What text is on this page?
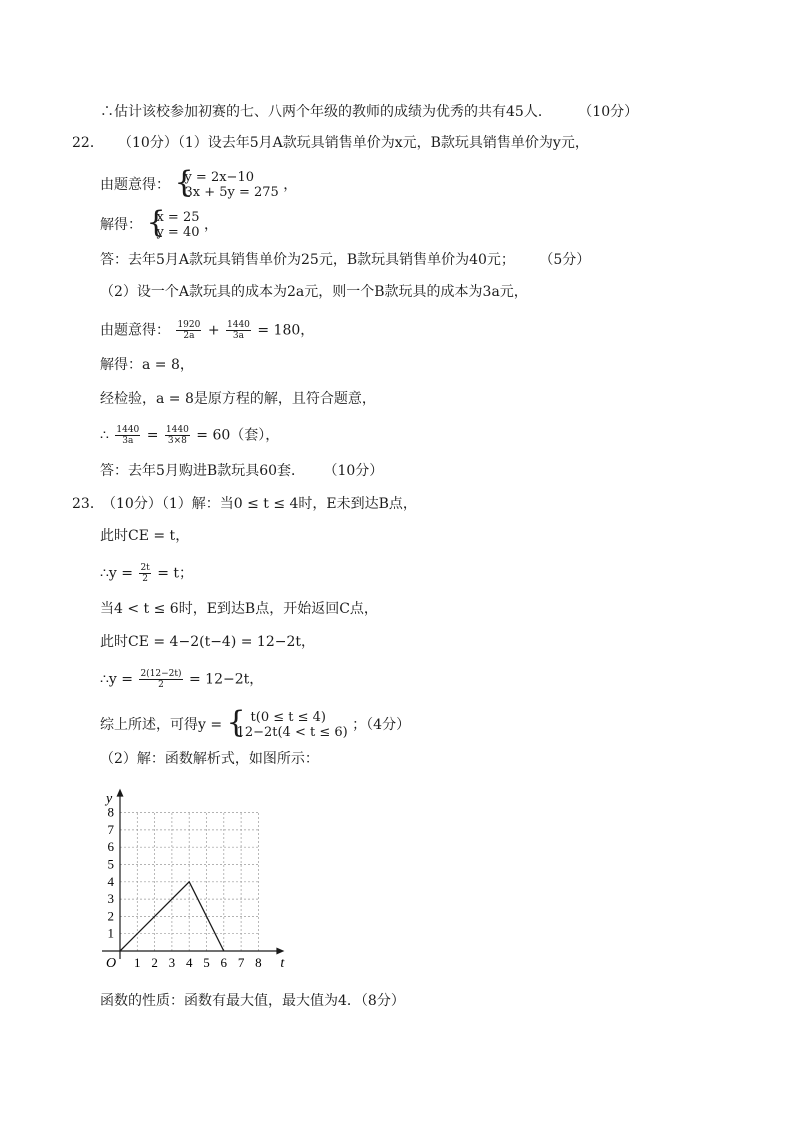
∴估计该校参加初赛的七、八两个年级的教师的成绩为优秀的共有45人． （10分）
22． （10分）（1）设去年5月A款玩具销售单价为x元，B款玩具销售单价为y元，
由题意得： {
y = 2x−10
3x + 5y = 275 ，
解得： {
x = 25
y = 40 ，
答：去年5月A款玩具销售单价为25元，B款玩具销售单价为40元； （5分）
（2）设一个A款玩具的成本为2a元，则一个B款玩具的成本为3a元，
由题意得： $\frac{1920}{2a} + \frac{1440}{3a} = 180$，
解得：a = 8，
经检验，a = 8是原方程的解，且符合题意，
∴ $\frac{1440}{3a} = \frac{1440}{3\times 8} = 60$（套），
答：去年5月购进B款玩具60套． （10分）
23．
（10分）（1）解：当0 ≤ t ≤ 4时，E未到达B点，
此时CE = t，
∴y = $\frac{2t}{2} = t$；
当4 < t ≤ 6时，E到达B点，开始返回C点，
此时CE = 4−2(t−4) = 12−2t，
∴y = $\frac{2(12-2t)}{2} = 12-2t$，
综上所述，可得y = { t(0 ≤ t ≤ 4)
12−2t(4 < t ≤ 6) ；（4分）
（2）解：函数解析式，如图所示：
1 2 3 4 5 6 7 8
1
2
3
4
5
6
7
8
t
y
O
函数的性质：函数有最大值，最大值为4．（8分）
